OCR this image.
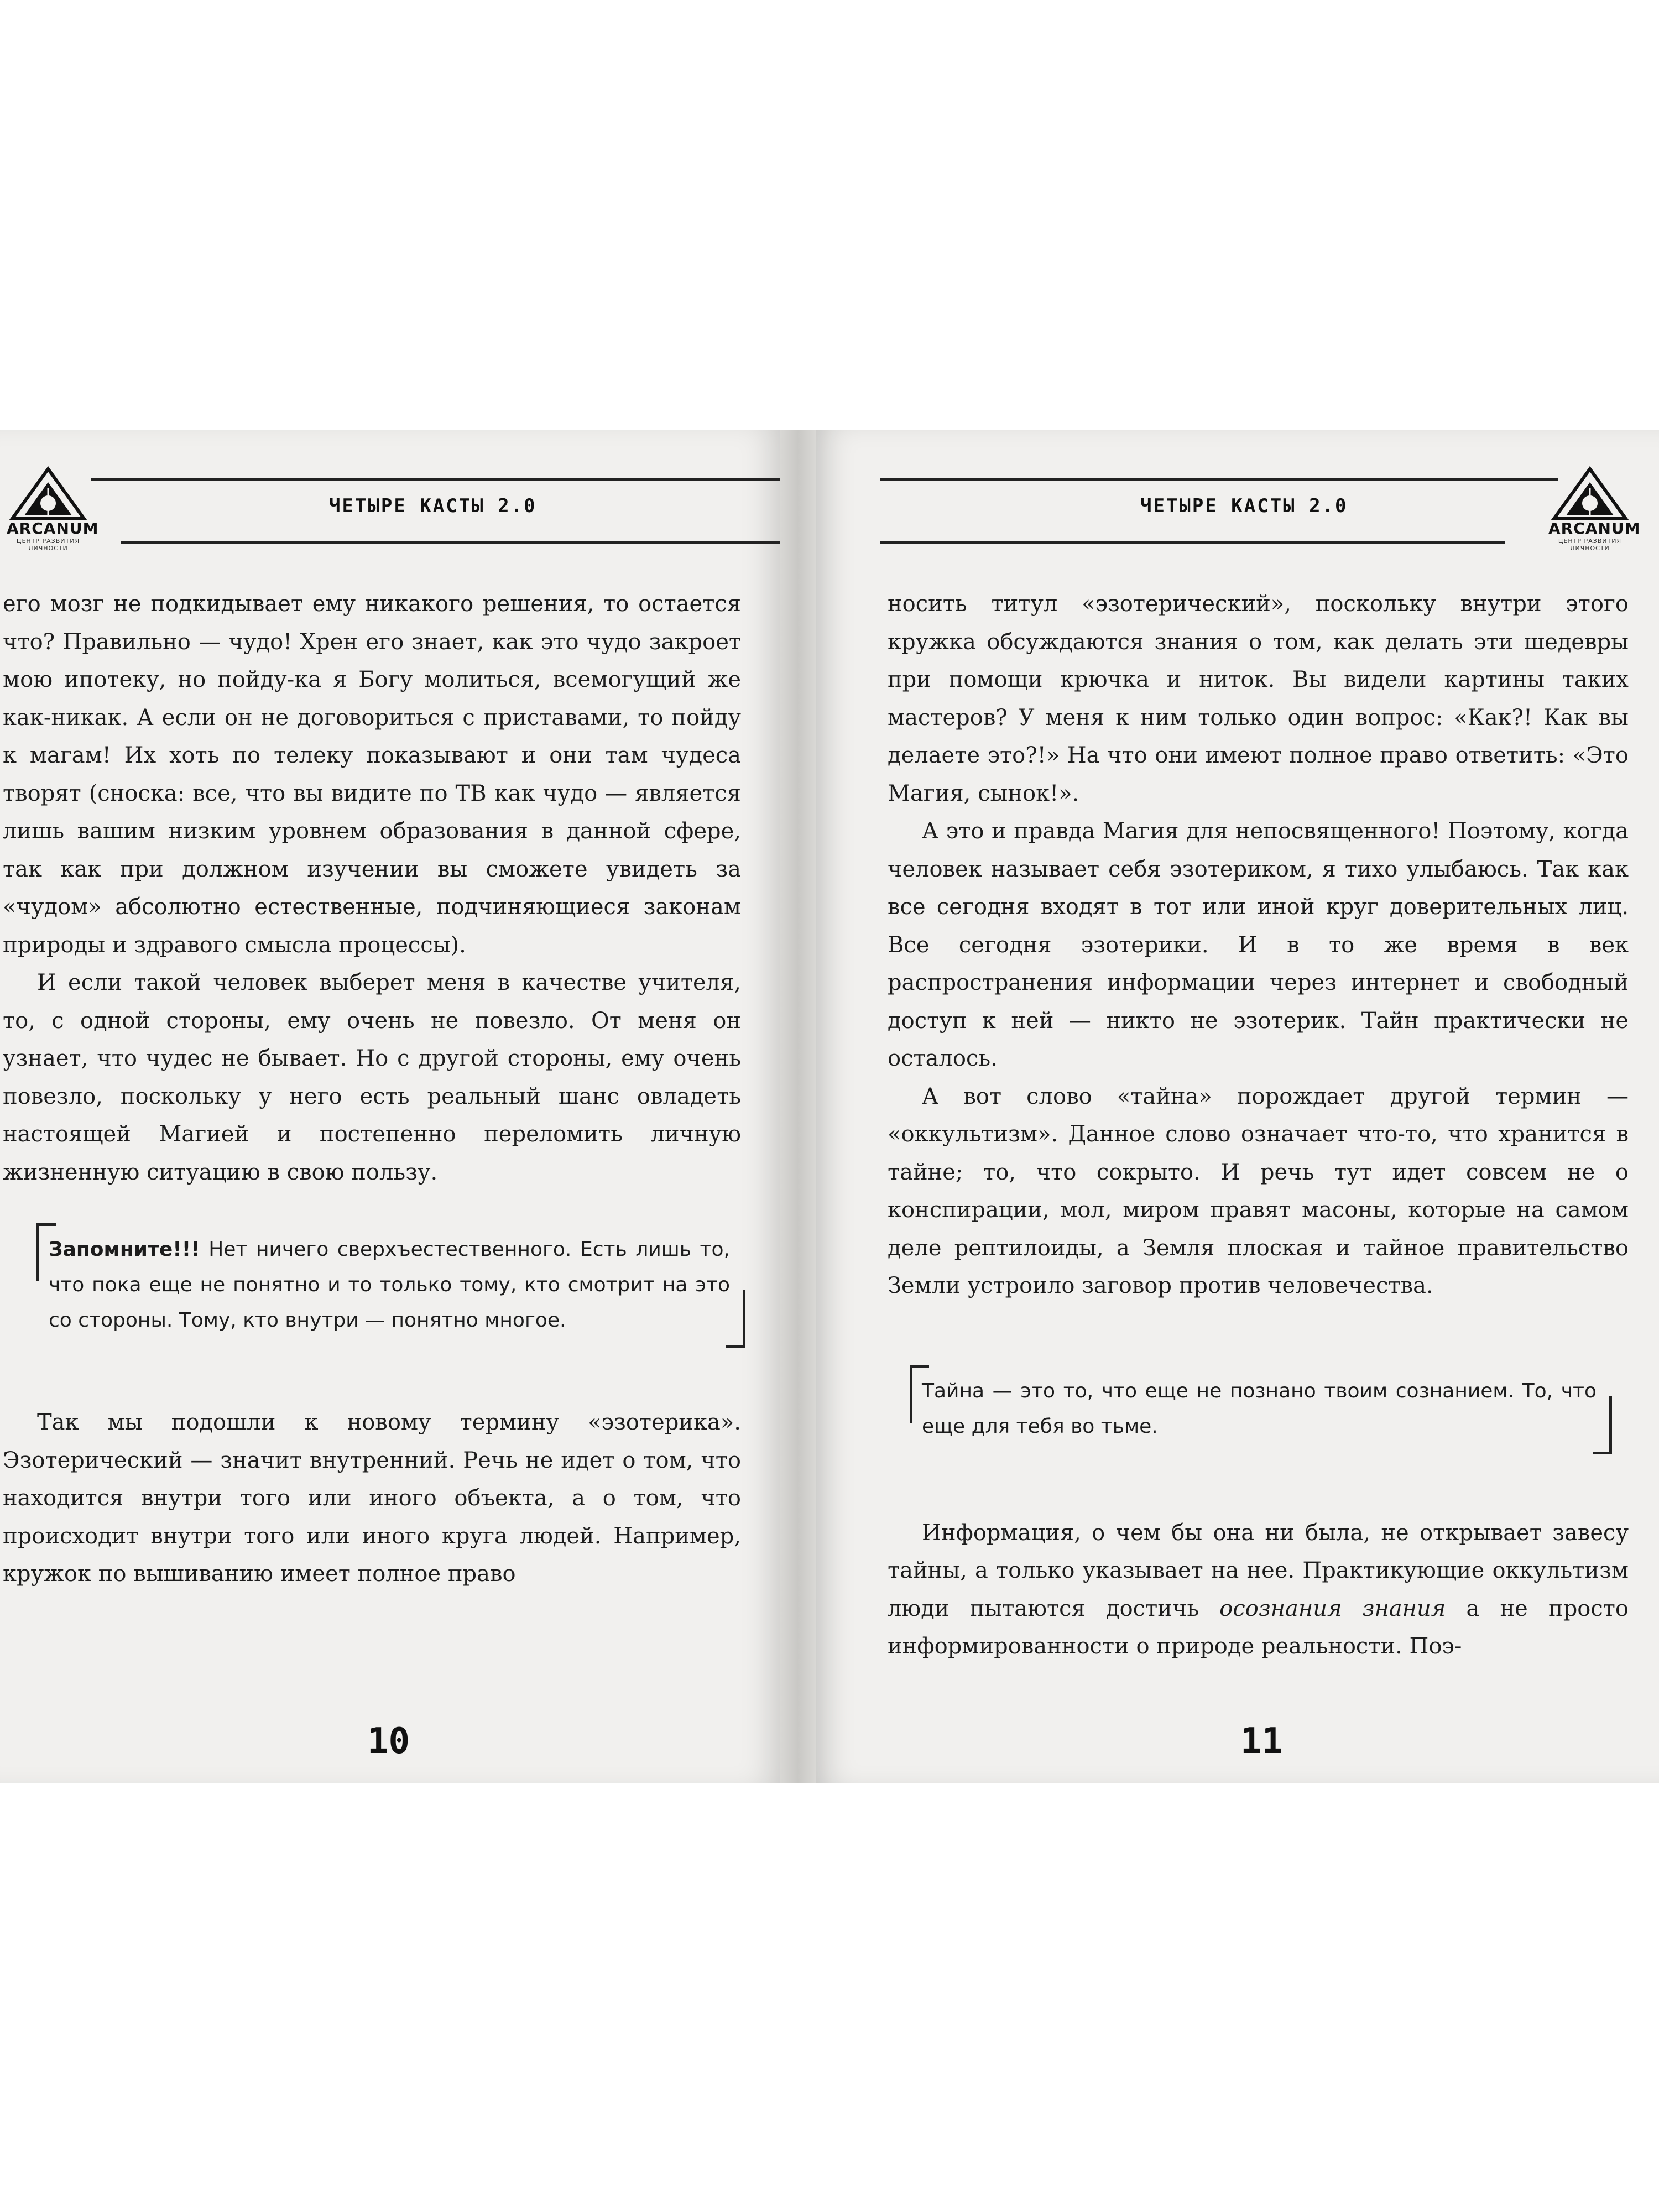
ARCANUM
ЦЕНТР РАЗВИТИЯ ЛИЧНОСТИ
ЧЕТЫРЕ КАСТЫ 2.0	ЧЕТЫРЕ КАСТЫ 2.0
ARCANUM
ЦЕНТР РАЗВИТИЯ ЛИЧНОСТИ

его мозг не подкидывает ему никакого решения, то остается что? Правильно — чудо! Хрен его знает, как это чудо закроет мою ипотеку, но пойду-ка я Богу молиться, всемогущий же как-никак. А если он не договориться с приставами, то пойду к магам! Их хоть по телеку показывают и они там чудеса творят (сноска: все, что вы видите по ТВ как чудо — является лишь вашим низким уровнем образования в данной сфере, так как при должном изучении вы сможете увидеть за «чудом» абсолютно естественные, подчиняющиеся законам природы и здравого смысла процессы).

И если такой человек выберет меня в качестве учителя, то, с одной стороны, ему очень не повезло. От меня он узнает, что чудес не бывает. Но с другой стороны, ему очень повезло, поскольку у него есть реальный шанс овладеть настоящей Магией и постепенно переломить личную жизненную ситуацию в свою пользу.

Запомните!!! Нет ничего сверхъестественного. Есть лишь то, что пока еще не понятно и то только тому, кто смотрит на это со стороны. Тому, кто внутри — понятно многое.

Так мы подошли к новому термину «эзотерика». Эзотерический — значит внутренний. Речь не идет о том, что находится внутри того или иного объекта, а о том, что происходит внутри того или иного круга людей. Например, кружок по вышиванию имеет полное право

10

носить титул «эзотерический», поскольку внутри этого кружка обсуждаются знания о том, как делать эти шедевры при помощи крючка и ниток. Вы видели картины таких мастеров? У меня к ним только один вопрос: «Как?! Как вы делаете это?!» На что они имеют полное право ответить: «Это Магия, сынок!».

А это и правда Магия для непосвященного! Поэтому, когда человек называет себя эзотериком, я тихо улыбаюсь. Так как все сегодня входят в тот или иной круг доверительных лиц. Все сегодня эзотерики. И в то же время в век распространения информации через интернет и свободный доступ к ней — никто не эзотерик. Тайн практически не осталось.

А вот слово «тайна» порождает другой термин — «оккультизм». Данное слово означает что-то, что хранится в тайне; то, что сокрыто. И речь тут идет совсем не о конспирации, мол, миром правят масоны, которые на самом деле рептилоиды, а Земля плоская и тайное правительство Земли устроило заговор против человечества.

Тайна — это то, что еще не познано твоим сознанием. То, что еще для тебя во тьме.

Информация, о чем бы она ни была, не открывает завесу тайны, а только указывает на нее. Практикующие оккультизм люди пытаются достичь осознания знания а не просто информированности о природе реальности. Поэ-

11
